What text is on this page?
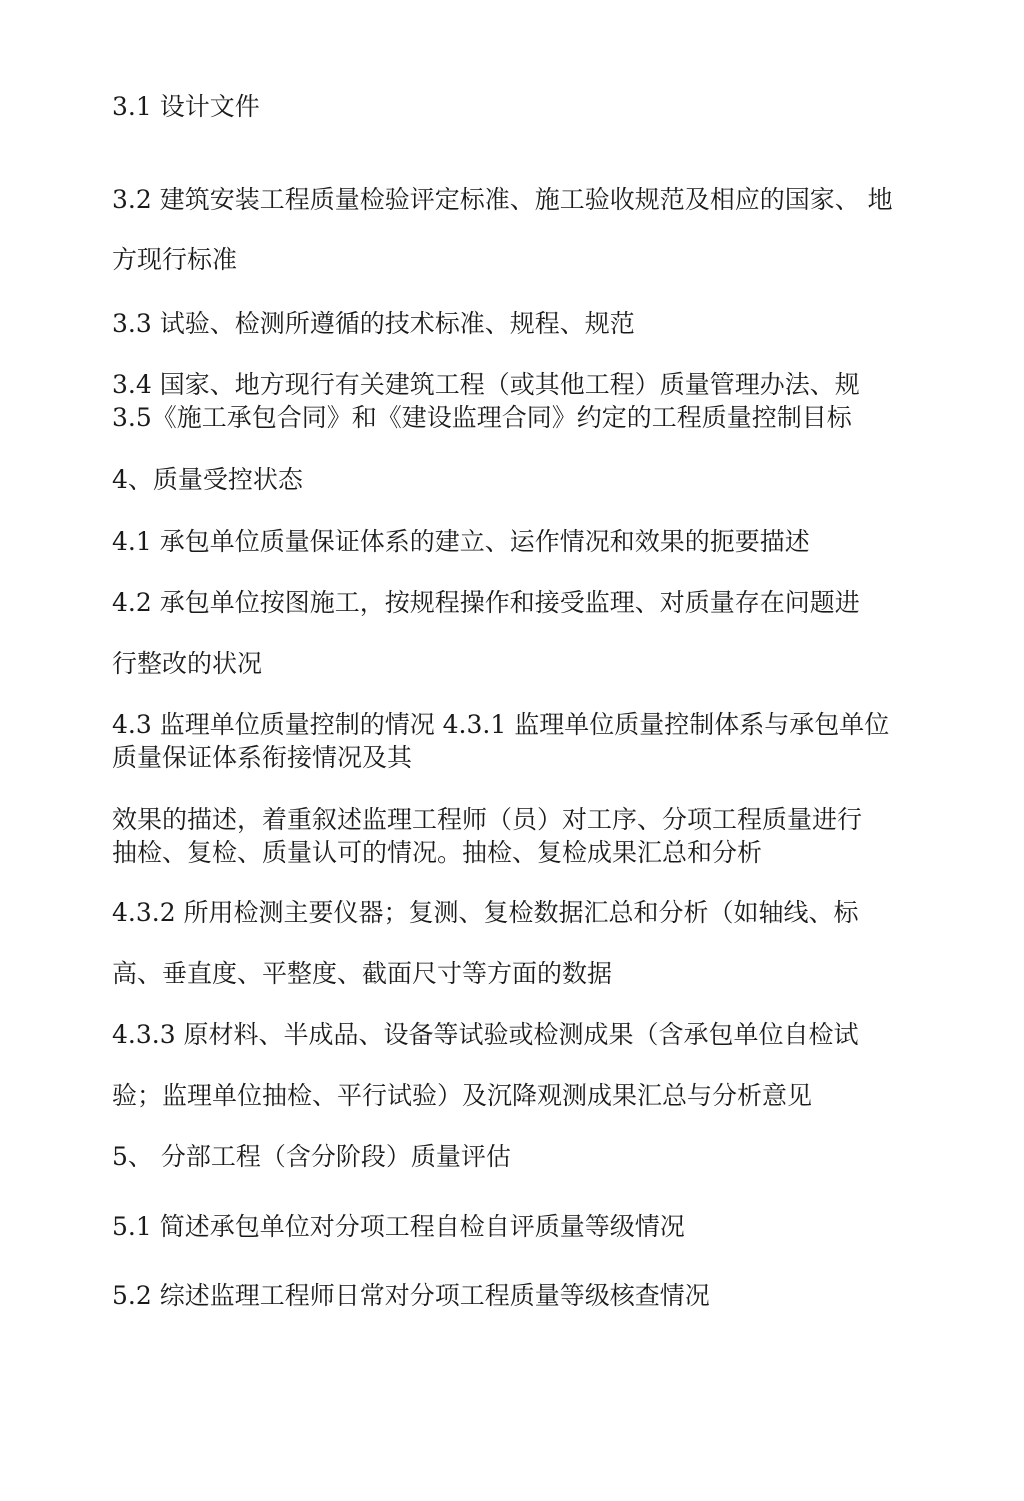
3.1 设计文件
3.2 建筑安装工程质量检验评定标准、施工验收规范及相应的国家、 地
方现行标准
3.3 试验、检测所遵循的技术标准、规程、规范
3.4 国家、地方现行有关建筑工程（或其他工程）质量管理办法、规
3.5《施工承包合同》和《建设监理合同》约定的工程质量控制目标
4、质量受控状态
4.1 承包单位质量保证体系的建立、运作情况和效果的扼要描述
4.2 承包单位按图施工，按规程操作和接受监理、对质量存在问题进
行整改的状况
4.3 监理单位质量控制的情况 4.3.1 监理单位质量控制体系与承包单位
质量保证体系衔接情况及其
效果的描述，着重叙述监理工程师（员）对工序、分项工程质量进行
抽检、复检、质量认可的情况。抽检、复检成果汇总和分析
4.3.2 所用检测主要仪器；复测、复检数据汇总和分析（如轴线、标
高、垂直度、平整度、截面尺寸等方面的数据
4.3.3 原材料、半成品、设备等试验或检测成果（含承包单位自检试
验；监理单位抽检、平行试验）及沉降观测成果汇总与分析意见
5、 分部工程（含分阶段）质量评估
5.1 简述承包单位对分项工程自检自评质量等级情况
5.2 综述监理工程师日常对分项工程质量等级核查情况
